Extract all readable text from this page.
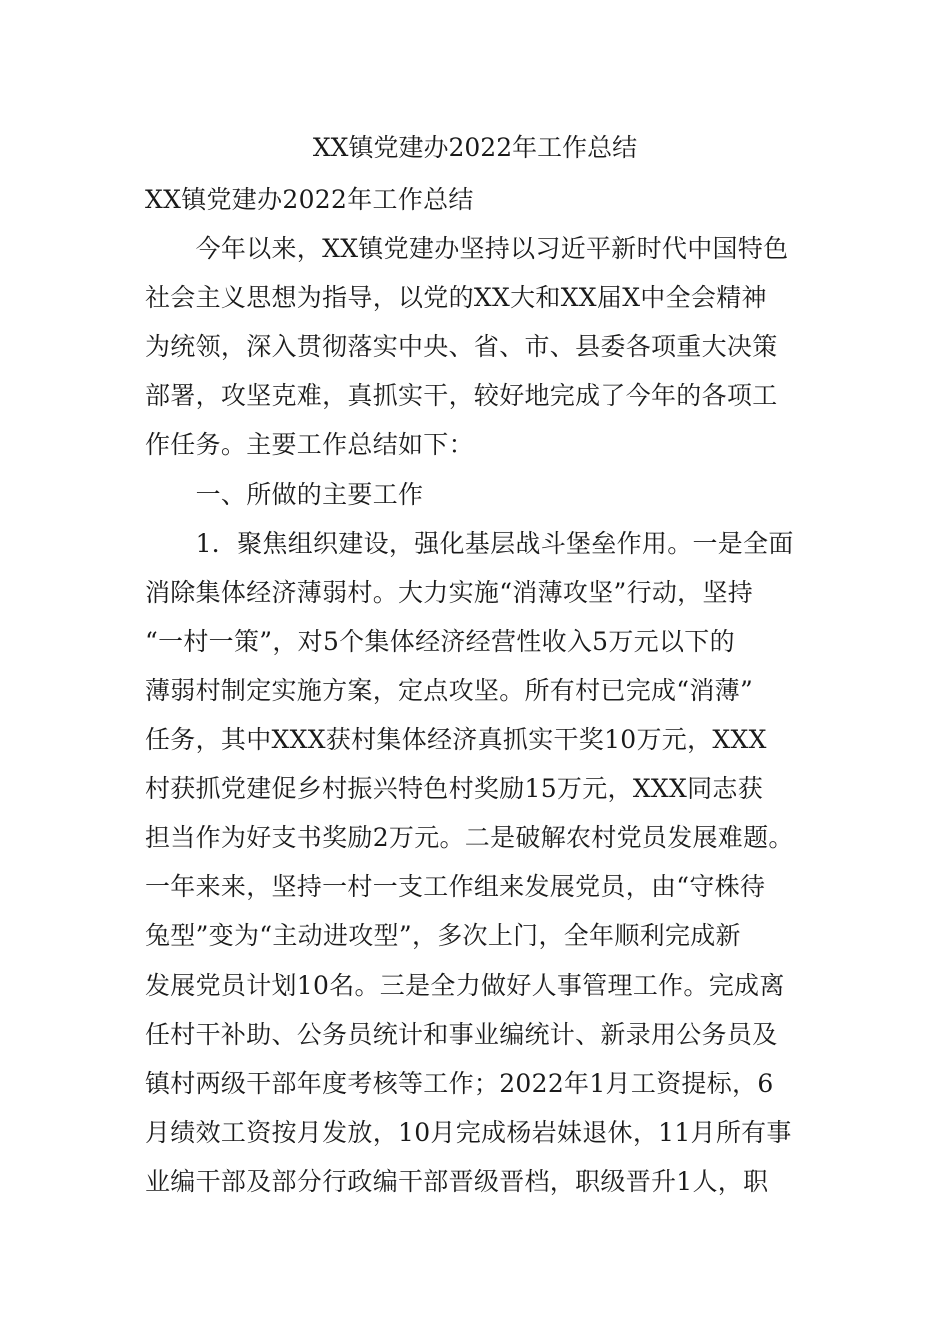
XX镇党建办2022年工作总结

XX镇党建办2022年工作总结

　　今年以来，XX镇党建办坚持以习近平新时代中国特色

社会主义思想为指导，以党的XX大和XX届X中全会精神

为统领，深入贯彻落实中央、省、市、县委各项重大决策

部署，攻坚克难，真抓实干，较好地完成了今年的各项工

作任务。主要工作总结如下：

　　一、所做的主要工作

　　1．聚焦组织建设，强化基层战斗堡垒作用。一是全面

消除集体经济薄弱村。大力实施“消薄攻坚”行动，坚持

“一村一策”，对5个集体经济经营性收入5万元以下的

薄弱村制定实施方案，定点攻坚。所有村已完成“消薄”

任务，其中XXX获村集体经济真抓实干奖10万元，XXX

村获抓党建促乡村振兴特色村奖励15万元，XXX同志获

担当作为好支书奖励2万元。二是破解农村党员发展难题。

一年来来，坚持一村一支工作组来发展党员，由“守株待

兔型”变为“主动进攻型”，多次上门，全年顺利完成新

发展党员计划10名。三是全力做好人事管理工作。完成离

任村干补助、公务员统计和事业编统计、新录用公务员及

镇村两级干部年度考核等工作；2022年1月工资提标，6

月绩效工资按月发放，10月完成杨岩妹退休，11月所有事

业编干部及部分行政编干部晋级晋档，职级晋升1人，职
